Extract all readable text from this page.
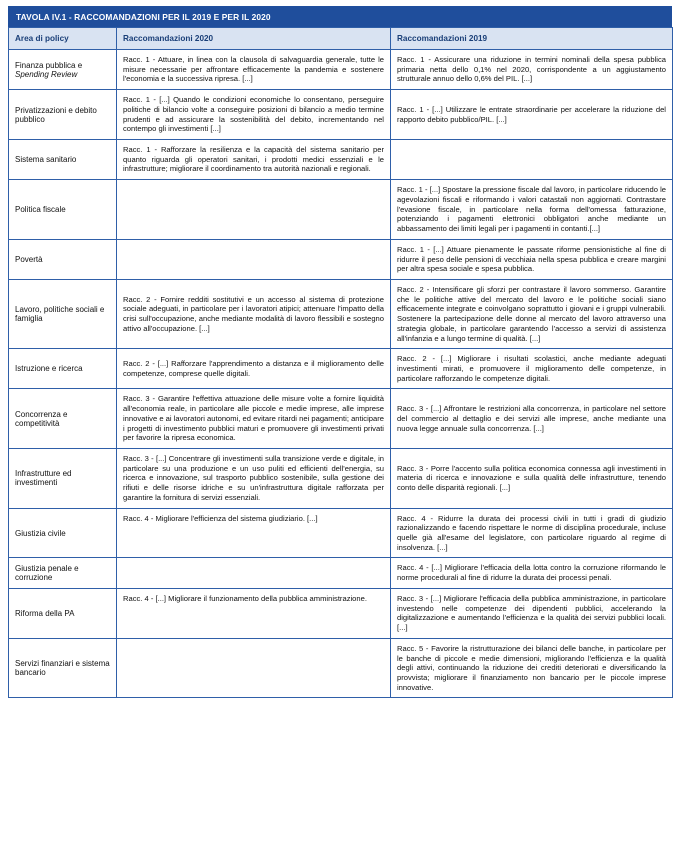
TAVOLA IV.1 - RACCOMANDAZIONI PER IL 2019 E PER IL 2020
Area di policy	Raccomandazioni 2020	Raccomandazioni 2019
Finanza pubblica e Spending Review	Racc. 1 - Attuare, in linea con la clausola di salvaguardia generale, tutte le misure necessarie per affrontare efficacemente la pandemia e sostenere l'economia e la successiva ripresa. [...]	Racc. 1 - Assicurare una riduzione in termini nominali della spesa pubblica primaria netta dello 0,1% nel 2020, corrispondente a un aggiustamento strutturale annuo dello 0,6% del PIL. [...]
Privatizzazioni e debito pubblico	Racc. 1 - [...] Quando le condizioni economiche lo consentano, perseguire politiche di bilancio volte a conseguire posizioni di bilancio a medio termine prudenti e ad assicurare la sostenibilità del debito, incrementando nel contempo gli investimenti [...]	Racc. 1 - [...] Utilizzare le entrate straordinarie per accelerare la riduzione del rapporto debito pubblico/PIL. [...]
Sistema sanitario	Racc. 1 - Rafforzare la resilienza e la capacità del sistema sanitario per quanto riguarda gli operatori sanitari, i prodotti medici essenziali e le infrastrutture; migliorare il coordinamento tra autorità nazionali e regionali.	
Politica fiscale		Racc. 1 - [...] Spostare la pressione fiscale dal lavoro, in particolare riducendo le agevolazioni fiscali e riformando i valori catastali non aggiornati. Contrastare l'evasione fiscale, in particolare nella forma dell'omessa fatturazione, potenziando i pagamenti elettronici obbligatori anche mediante un abbassamento dei limiti legali per i pagamenti in contanti.[...]
Povertà		Racc. 1 - [...] Attuare pienamente le passate riforme pensionistiche al fine di ridurre il peso delle pensioni di vecchiaia nella spesa pubblica e creare margini per altra spesa sociale e spesa pubblica.
Lavoro, politiche sociali e famiglia	Racc. 2 - Fornire redditi sostitutivi e un accesso al sistema di protezione sociale adeguati, in particolare per i lavoratori atipici; attenuare l'impatto della crisi sull'occupazione, anche mediante modalità di lavoro flessibili e sostegno attivo all'occupazione. [...]	Racc. 2 - Intensificare gli sforzi per contrastare il lavoro sommerso. Garantire che le politiche attive del mercato del lavoro e le politiche sociali siano efficacemente integrate e coinvolgano soprattutto i giovani e i gruppi vulnerabili. Sostenere la partecipazione delle donne al mercato del lavoro attraverso una strategia globale, in particolare garantendo l'accesso a servizi di assistenza all'infanzia e a lungo termine di qualità. [...]
Istruzione e ricerca	Racc. 2 - [...] Rafforzare l'apprendimento a distanza e il miglioramento delle competenze, comprese quelle digitali.	Racc. 2 - [...] Migliorare i risultati scolastici, anche mediante adeguati investimenti mirati, e promuovere il miglioramento delle competenze, in particolare rafforzando le competenze digitali.
Concorrenza e competitività	Racc. 3 - Garantire l'effettiva attuazione delle misure volte a fornire liquidità all'economia reale, in particolare alle piccole e medie imprese, alle imprese innovative e ai lavoratori autonomi, ed evitare ritardi nei pagamenti; anticipare i progetti di investimento pubblici maturi e promuovere gli investimenti privati per favorire la ripresa economica.	Racc. 3 - [...] Affrontare le restrizioni alla concorrenza, in particolare nel settore del commercio al dettaglio e dei servizi alle imprese, anche mediante una nuova legge annuale sulla concorrenza. [...]
Infrastrutture ed investimenti	Racc. 3 - [...] Concentrare gli investimenti sulla transizione verde e digitale, in particolare su una produzione e un uso puliti ed efficienti dell'energia, su ricerca e innovazione, sul trasporto pubblico sostenibile, sulla gestione dei rifiuti e delle risorse idriche e su un'infrastruttura digitale rafforzata per garantire la fornitura di servizi essenziali.	Racc. 3 - Porre l'accento sulla politica economica connessa agli investimenti in materia di ricerca e innovazione e sulla qualità delle infrastrutture, tenendo conto delle disparità regionali. [...]
Giustizia civile	Racc. 4 - Migliorare l'efficienza del sistema giudiziario. [...]	Racc. 4 - Ridurre la durata dei processi civili in tutti i gradi di giudizio razionalizzando e facendo rispettare le norme di disciplina procedurale, incluse quelle già all'esame del legislatore, con particolare riguardo al regime di insolvenza. [...]
Giustizia penale e corruzione		Racc. 4 - [...] Migliorare l'efficacia della lotta contro la corruzione riformando le norme procedurali al fine di ridurre la durata dei processi penali.
Riforma della PA	Racc. 4 - [...] Migliorare il funzionamento della pubblica amministrazione.	Racc. 3 - [...] Migliorare l'efficacia della pubblica amministrazione, in particolare investendo nelle competenze dei dipendenti pubblici, accelerando la digitalizzazione e aumentando l'efficienza e la qualità dei servizi pubblici locali. [...]
Servizi finanziari e sistema bancario		Racc. 5 - Favorire la ristrutturazione dei bilanci delle banche, in particolare per le banche di piccole e medie dimensioni, migliorando l'efficienza e la qualità degli attivi, continuando la riduzione dei crediti deteriorati e diversificando la provvista; migliorare il finanziamento non bancario per le piccole imprese innovative.
